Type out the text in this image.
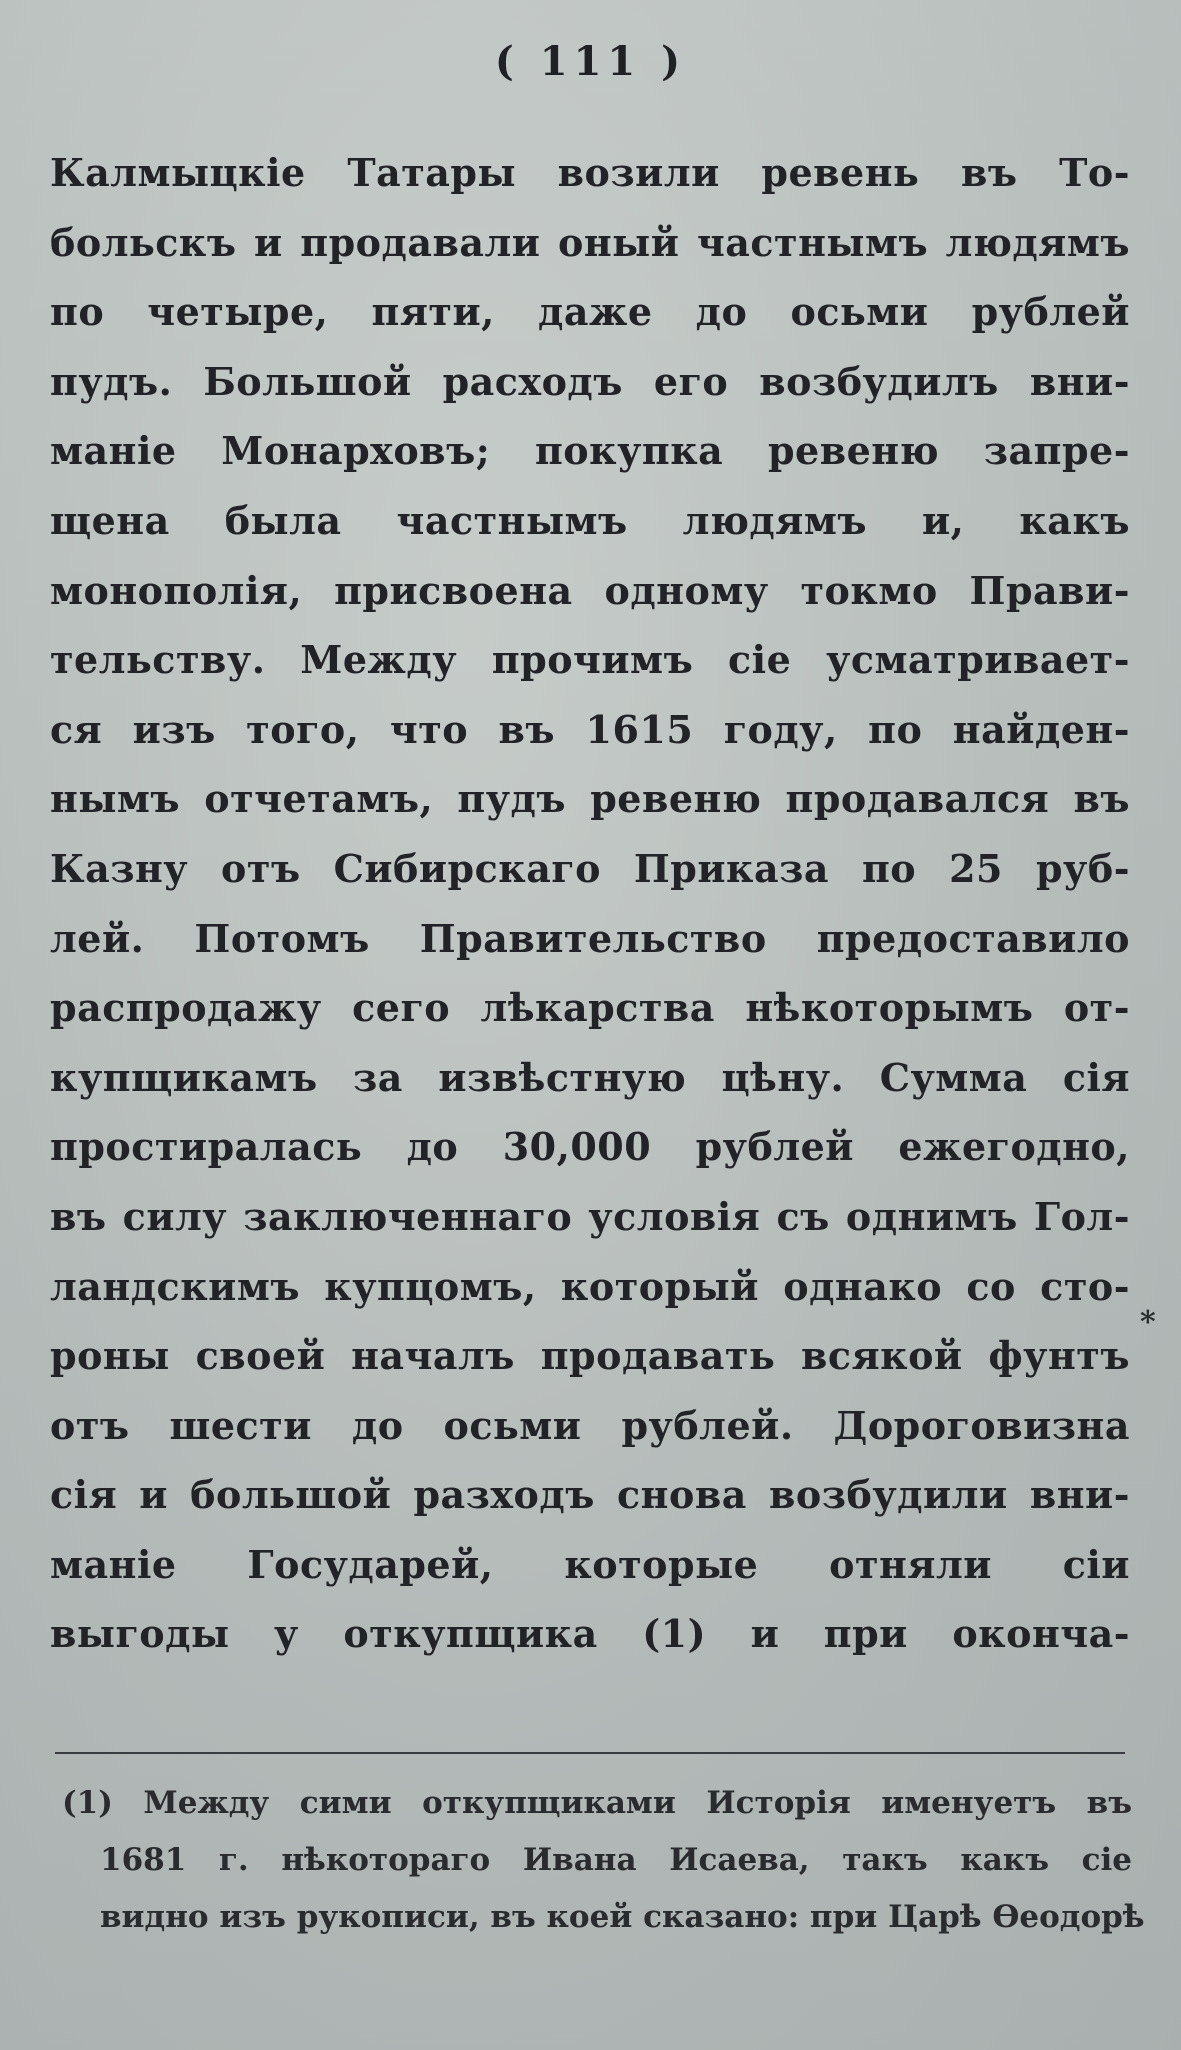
( 111 )
Калмыцкіе Татары возили ревень въ То-
больскъ и продавали оный частнымъ людямъ
по четыре, пяти, даже до осьми рублей
пудъ. Большой расходъ его возбудилъ вни-
маніе Монарховъ; покупка ревеню запре-
щена была частнымъ людямъ и, какъ
монополія, присвоена одному токмо Прави-
тельству. Между прочимъ сіе усматривает-
ся изъ того, что въ 1615 году, по найден-
нымъ отчетамъ, пудъ ревеню продавался въ
Казну отъ Сибирскаго Приказа по 25 руб-
лей. Потомъ Правительство предоставило
распродажу сего лѣкарства нѣкоторымъ от-
купщикамъ за извѣстную цѣну. Сумма сія
простиралась до 30,000 рублей ежегодно,
въ силу заключеннаго условія съ однимъ Гол-
ландскимъ купцомъ, который однако со сто-
роны своей началъ продавать всякой фунтъ
отъ шести до осьми рублей. Дороговизна
сія и большой разходъ снова возбудили вни-
маніе Государей, которые отняли сіи
выгоды у откупщика (1) и при оконча-
*
(1) Между сими откупщиками Исторія именуетъ въ
1681 г. нѣкотораго Ивана Исаева, такъ какъ сіе
видно изъ рукописи, въ коей сказано: при Царѣ Ѳеодорѣ
